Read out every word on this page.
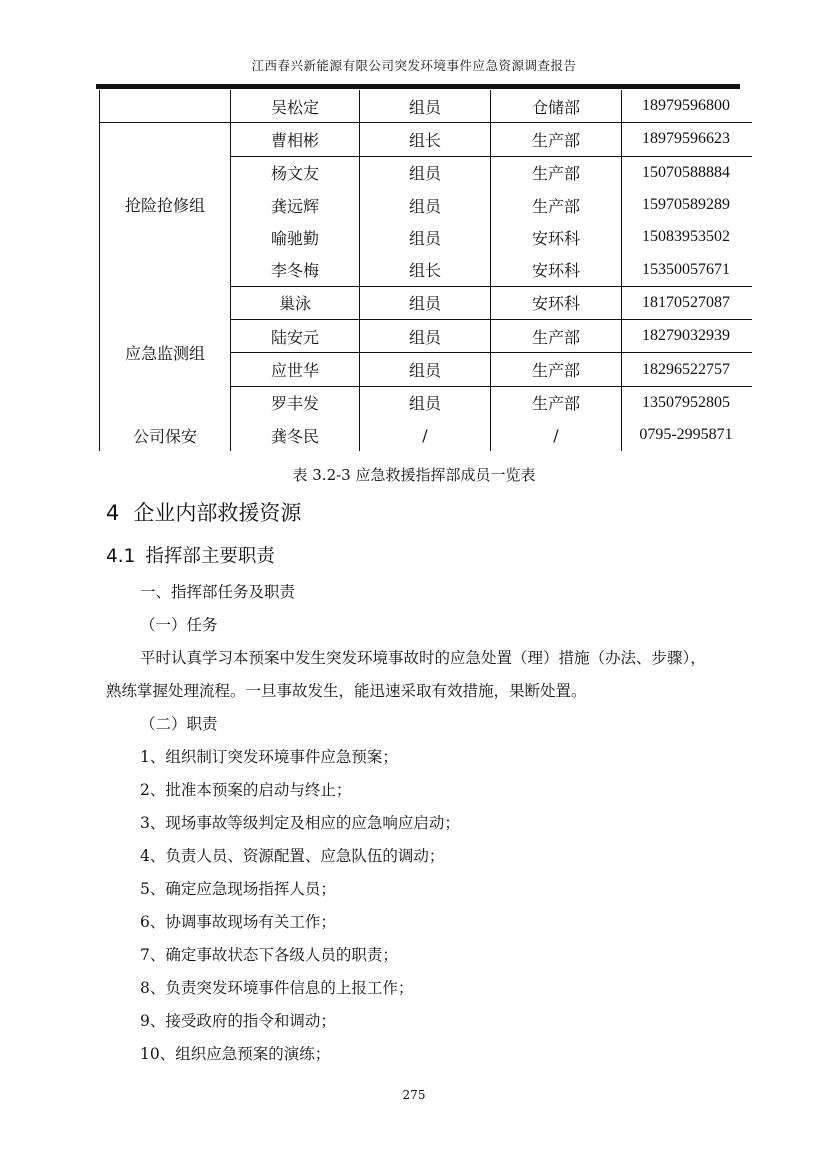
江西春兴新能源有限公司突发环境事件应急资源调查报告
	吴松定	组员	仓储部	18979596800
抢险抢修组	曹相彬	组长	生产部	18979596623
	杨文友	组员	生产部	15070588884
	龚远辉	组员	生产部	15970589289
	喻驰勤	组员	安环科	15083953502
	李冬梅	组长	安环科	15350057671
应急监测组	巢泳	组员	安环科	18170527087
	陆安元	组员	生产部	18279032939
	应世华	组员	生产部	18296522757
	罗丰发	组员	生产部	13507952805
公司保安	龚冬民	/	/	0795-2995871
表 3.2-3 应急救援指挥部成员一览表
4 企业内部救援资源
4.1 指挥部主要职责
一、指挥部任务及职责
（一）任务
平时认真学习本预案中发生突发环境事故时的应急处置（理）措施（办法、步骤），
熟练掌握处理流程。一旦事故发生，能迅速采取有效措施，果断处置。
（二）职责
1、组织制订突发环境事件应急预案；
2、批准本预案的启动与终止；
3、现场事故等级判定及相应的应急响应启动；
4、负责人员、资源配置、应急队伍的调动；
5、确定应急现场指挥人员；
6、协调事故现场有关工作；
7、确定事故状态下各级人员的职责；
8、负责突发环境事件信息的上报工作；
9、接受政府的指令和调动；
10、组织应急预案的演练；
275
